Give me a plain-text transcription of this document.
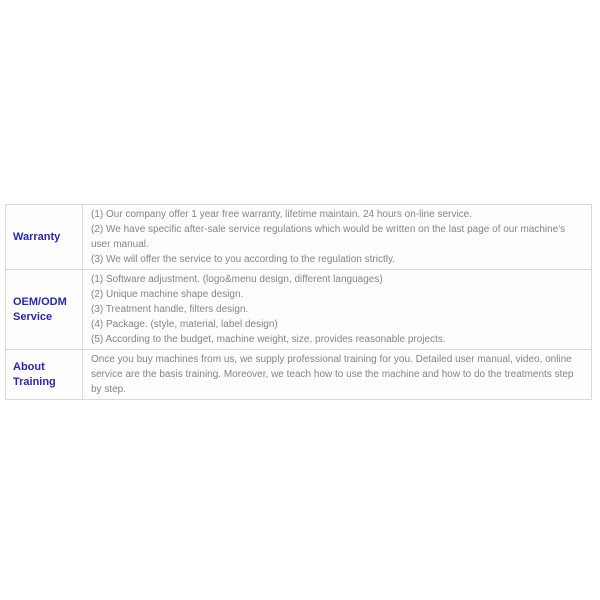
Warranty	(1) Our company offer 1 year free warranty, lifetime maintain. 24 hours on-line service.

(2) We have specific after-sale service regulations which would be written on the last page of our machine's user manual.

(3) We will offer the service to you according to the regulation strictly.

OEM/ODM Service	(1) Software adjustment. (logo&menu design, different languages)

(2) Unique machine shape design.

(3) Treatment handle, filters design.

(4) Package. (style, material, label design)

(5) According to the budget, machine weight, size, provides reasonable projects.

About Training	Once you buy machines from us, we supply professional training for you. Detailed user manual, video, online service are the basis training. Moreover, we teach how to use the machine and how to do the treatments step by step.
